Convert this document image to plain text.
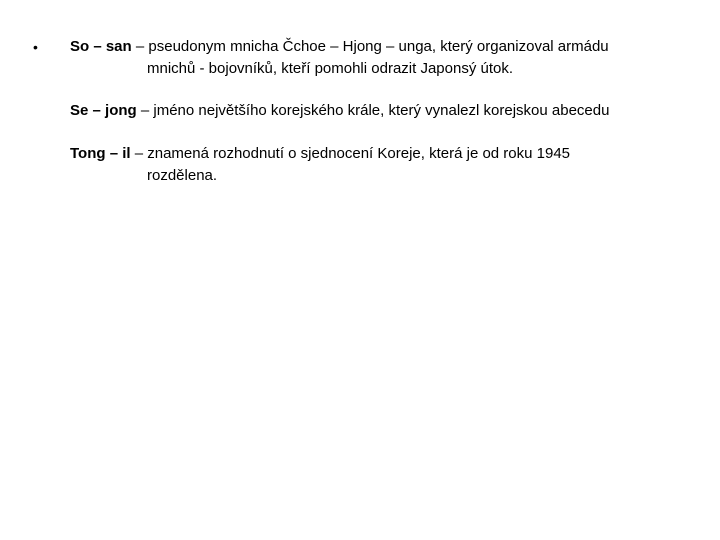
• So – san – pseudonym mnicha Čchoe – Hjong – unga, který organizoval armádu
mnichů - bojovníků, kteří pomohli odrazit Japonsý útok.
Se – jong – jméno největšího korejského krále, který vynalezl korejskou abecedu
Tong – il – znamená rozhodnutí o sjednocení Koreje, která je od roku 1945
rozdělena.
